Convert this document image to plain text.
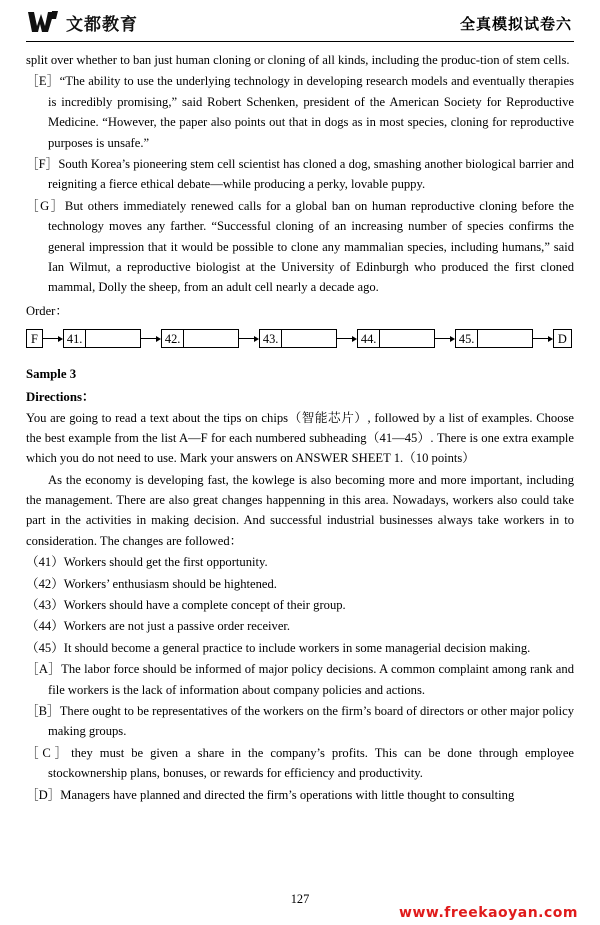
文都教育	全真模拟试卷六

split over whether to ban just human cloning or cloning of all kinds, including the produc-tion of stem cells.

［E］“The ability to use the underlying technology in developing research models and eventually therapies is incredibly promising,” said Robert Schenken, president of the American Society for Reproductive Medicine. “However, the paper also points out that in dogs as in most species, cloning for reproductive purposes is unsafe.”

［F］South Korea’s pioneering stem cell scientist has cloned a dog, smashing another biological barrier and reigniting a fierce ethical debate—while producing a perky, lovable puppy.

［G］But others immediately renewed calls for a global ban on human reproductive cloning before the technology moves any farther. “Successful cloning of an increasing number of species confirms the general impression that it would be possible to clone any mammalian species, including humans,” said Ian Wilmut, a reproductive biologist at the University of Edinburgh who produced the first cloned mammal, Dolly the sheep, from an adult cell nearly a decade ago.

Order：

F	41.	42.	43.	44.	45.	D

Sample 3

Directions：

You are going to read a text about the tips on chips（智能芯片）, followed by a list of examples. Choose the best example from the list A—F for each numbered subheading（41—45）. There is one extra example which you do not need to use. Mark your answers on ANSWER SHEET 1.（10 points）

As the economy is developing fast, the kowlege is also becoming more and more important, including the management. There are also great changes happenning in this area. Nowadays, workers also could take part in the activities in making decision. And successful industrial businesses always take workers in to consideration. The changes are followed：

（41）Workers should get the first opportunity.

（42）Workers’ enthusiasm should be hightened.

（43）Workers should have a complete concept of their group.

（44）Workers are not just a passive order receiver.

（45）It should become a general practice to include workers in some managerial decision making.

［A］The labor force should be informed of major policy decisions. A common complaint among rank and file workers is the lack of information about company policies and actions.

［B］There ought to be representatives of the workers on the firm’s board of directors or other major policy making groups.

［C］they must be given a share in the company’s profits. This can be done through employee stockownership plans, bonuses, or rewards for efficiency and productivity.

［D］Managers have planned and directed the firm’s operations with little thought to consulting

127
www.freekaoyan.com
